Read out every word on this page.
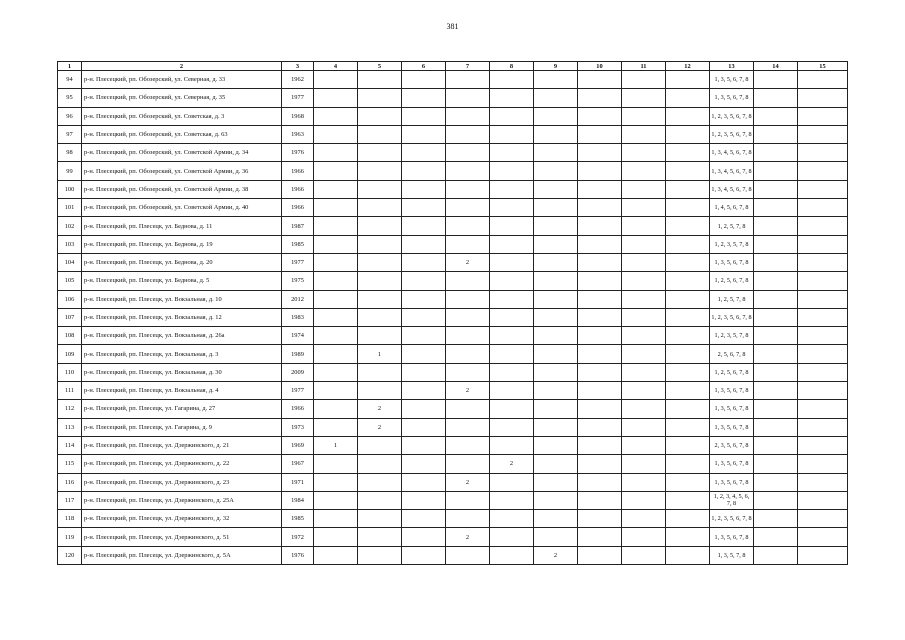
381
1	2	3	4	5	6	7	8	9	10	11	12	13	14	15
94	р-н. Плесецкий, рп. Обозерский, ул. Северная, д. 33	1962										1, 3, 5, 6, 7, 8		
95	р-н. Плесецкий, рп. Обозерский, ул. Северная, д. 35	1977										1, 3, 5, 6, 7, 8		
96	р-н. Плесецкий, рп. Обозерский, ул. Советская, д. 3	1968										1, 2, 3, 5, 6, 7, 8		
97	р-н. Плесецкий, рп. Обозерский, ул. Советская, д. 63	1963										1, 2, 3, 5, 6, 7, 8		
98	р-н. Плесецкий, рп. Обозерский, ул. Советской Армии, д. 34	1976										1, 3, 4, 5, 6, 7, 8		
99	р-н. Плесецкий, рп. Обозерский, ул. Советской Армии, д. 36	1966										1, 3, 4, 5, 6, 7, 8		
100	р-н. Плесецкий, рп. Обозерский, ул. Советской Армии, д. 38	1966										1, 3, 4, 5, 6, 7, 8		
101	р-н. Плесецкий, рп. Обозерский, ул. Советской Армии, д. 40	1966										1, 4, 5, 6, 7, 8		
102	р-н. Плесецкий, рп. Плесецк, ул. Беднова, д. 11	1987										1, 2, 5, 7, 8		
103	р-н. Плесецкий, рп. Плесецк, ул. Беднова, д. 19	1985										1, 2, 3, 5, 7, 8		
104	р-н. Плесецкий, рп. Плесецк, ул. Беднова, д. 20	1977				2						1, 3, 5, 6, 7, 8		
105	р-н. Плесецкий, рп. Плесецк, ул. Беднова, д. 5	1975										1, 2, 5, 6, 7, 8		
106	р-н. Плесецкий, рп. Плесецк, ул. Вокзальная, д. 10	2012										1, 2, 5, 7, 8		
107	р-н. Плесецкий, рп. Плесецк, ул. Вокзальная, д. 12	1983										1, 2, 3, 5, 6, 7, 8		
108	р-н. Плесецкий, рп. Плесецк, ул. Вокзальная, д. 26а	1974										1, 2, 3, 5, 7, 8		
109	р-н. Плесецкий, рп. Плесецк, ул. Вокзальная, д. 3	1989		1								2, 5, 6, 7, 8		
110	р-н. Плесецкий, рп. Плесецк, ул. Вокзальная, д. 30	2009										1, 2, 5, 6, 7, 8		
111	р-н. Плесецкий, рп. Плесецк, ул. Вокзальная, д. 4	1977				2						1, 3, 5, 6, 7, 8		
112	р-н. Плесецкий, рп. Плесецк, ул. Гагарина, д. 27	1966		2								1, 3, 5, 6, 7, 8		
113	р-н. Плесецкий, рп. Плесецк, ул. Гагарина, д. 9	1973		2								1, 3, 5, 6, 7, 8		
114	р-н. Плесецкий, рп. Плесецк, ул. Дзержинского, д. 21	1969	1									2, 3, 5, 6, 7, 8		
115	р-н. Плесецкий, рп. Плесецк, ул. Дзержинского, д. 22	1967					2					1, 3, 5, 6, 7, 8		
116	р-н. Плесецкий, рп. Плесецк, ул. Дзержинского, д. 23	1971				2						1, 3, 5, 6, 7, 8		
117	р-н. Плесецкий, рп. Плесецк, ул. Дзержинского, д. 25А	1984										1, 2, 3, 4, 5, 6, 7, 8		
118	р-н. Плесецкий, рп. Плесецк, ул. Дзержинского, д. 32	1985										1, 2, 3, 5, 6, 7, 8		
119	р-н. Плесецкий, рп. Плесецк, ул. Дзержинского, д. 51	1972				2						1, 3, 5, 6, 7, 8		
120	р-н. Плесецкий, рп. Плесецк, ул. Дзержинского, д. 5А	1976						2				1, 3, 5, 7, 8		
